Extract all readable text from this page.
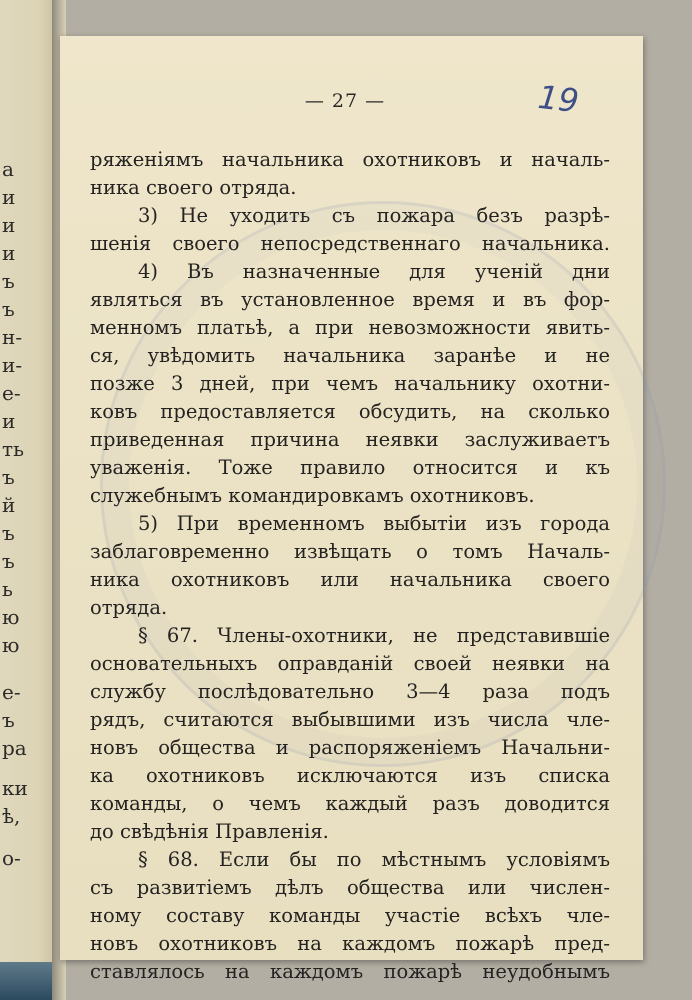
а
и
и
и
ъ
ъ
н-
и-
е-
и
ть
ъ
й
ъ
ъ
ь
ю
ю
е-
ъ
ра
ки
ѣ,
о-
— 27 —	19
ряженіямъ начальника охотниковъ и началь-
ника своего отряда.
3) Не уходить съ пожара безъ разрѣ-
шенія своего непосредственнаго начальника.
4) Въ назначенные для ученій дни
являться въ установленное время и въ фор-
менномъ платьѣ, а при невозможности явить-
ся, увѣдомить начальника заранѣе и не
позже 3 дней, при чемъ начальнику охотни-
ковъ предоставляется обсудить, на сколько
приведенная причина неявки заслуживаетъ
уваженія. Тоже правило относится и къ
служебнымъ командировкамъ охотниковъ.
5) При временномъ выбытіи изъ города
заблаговременно извѣщать о томъ Началь-
ника охотниковъ или начальника своего
отряда.
§ 67. Члены-охотники, не представившіе
основательныхъ оправданій своей неявки на
службу послѣдовательно 3—4 раза подъ
рядъ, считаются выбывшими изъ числа чле-
новъ общества и распоряженіемъ Начальни-
ка охотниковъ исключаются изъ списка
команды, о чемъ каждый разъ доводится
до свѣдѣнія Правленія.
§ 68. Если бы по мѣстнымъ условіямъ
съ развитіемъ дѣлъ общества или числен-
ному составу команды участіе всѣхъ чле-
новъ охотниковъ на каждомъ пожарѣ пред-
ставлялось на каждомъ пожарѣ неудобнымъ
